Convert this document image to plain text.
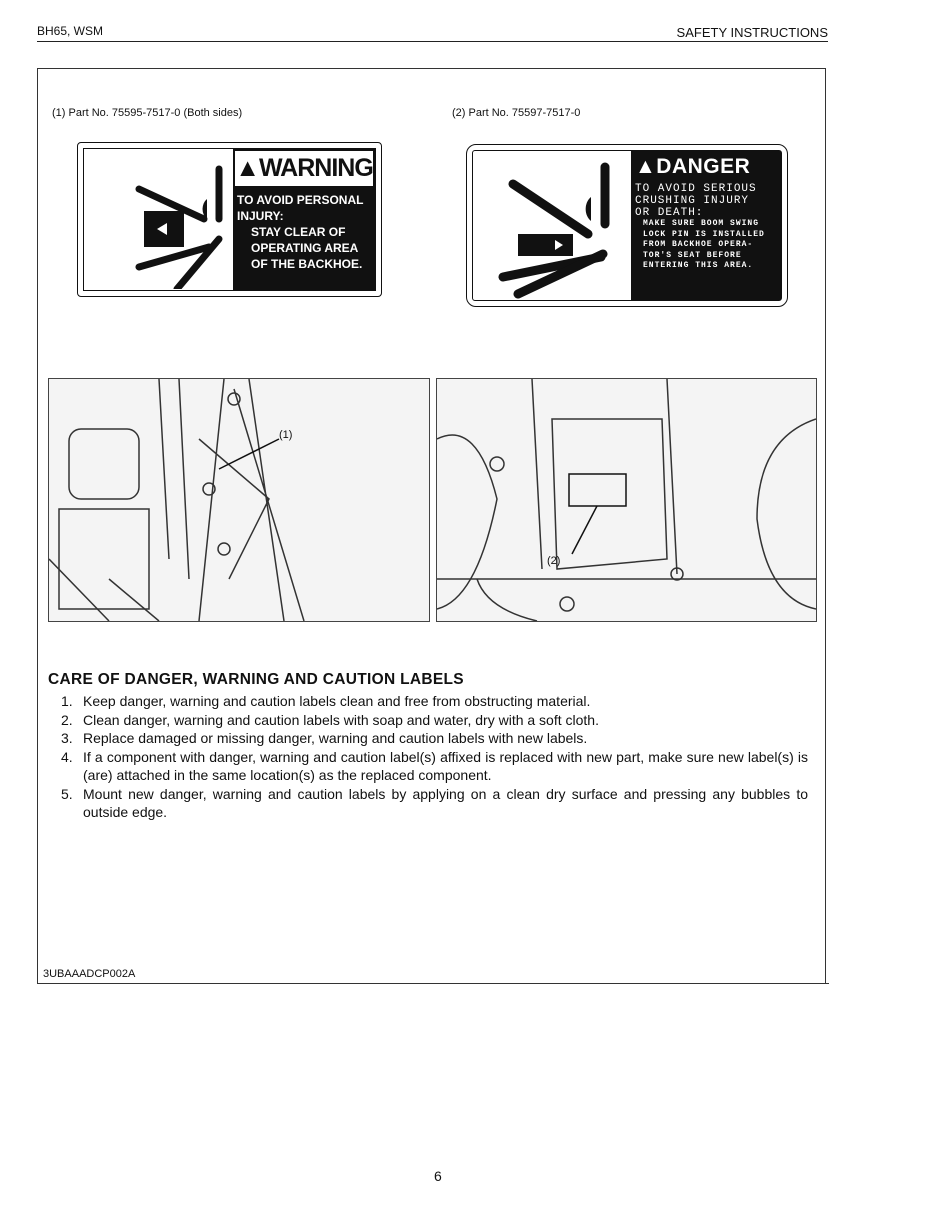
BH65, WSM	SAFETY INSTRUCTIONS
(1) Part No. 75595-7517-0 (Both sides)
▲WARNING
TO AVOID PERSONAL
INJURY:
STAY CLEAR OF
OPERATING AREA
OF THE BACKHOE.
(2) Part No. 75597-7517-0
▲DANGER
TO AVOID SERIOUS
CRUSHING INJURY
OR DEATH:
MAKE SURE BOOM SWING
LOCK PIN IS INSTALLED
FROM BACKHOE OPERA-
TOR'S SEAT BEFORE
ENTERING THIS AREA.
(1)
(2)
CARE OF DANGER, WARNING AND CAUTION LABELS
1. Keep danger, warning and caution labels clean and free from obstructing material.
2. Clean danger, warning and caution labels with soap and water, dry with a soft cloth.
3. Replace damaged or missing danger, warning and caution labels with new labels.
4. If a component with danger, warning and caution label(s) affixed is replaced with new part, make sure new label(s) is (are) attached in the same location(s) as the replaced component.
5. Mount new danger, warning and caution labels by applying on a clean dry surface and pressing any bubbles to outside edge.
3UBAAADCP002A
6
